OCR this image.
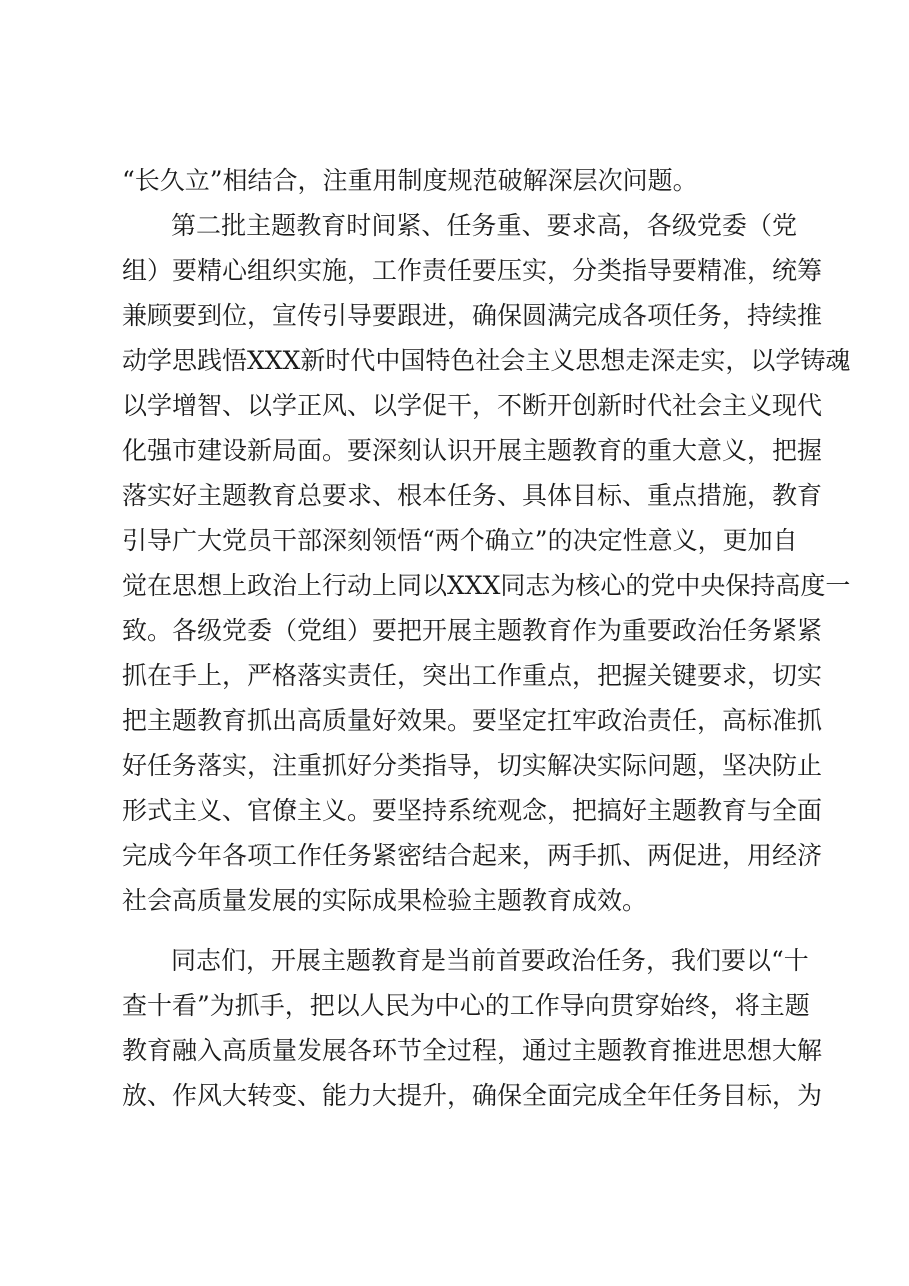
“长久立”相结合，注重用制度规范破解深层次问题。
第二批主题教育时间紧、任务重、要求高，各级党委（党
组）要精心组织实施，工作责任要压实，分类指导要精准，统筹
兼顾要到位，宣传引导要跟进，确保圆满完成各项任务，持续推
动学思践悟XXX新时代中国特色社会主义思想走深走实，以学铸魂
以学增智、以学正风、以学促干，不断开创新时代社会主义现代
化强市建设新局面。要深刻认识开展主题教育的重大意义，把握
落实好主题教育总要求、根本任务、具体目标、重点措施，教育
引导广大党员干部深刻领悟“两个确立”的决定性意义，更加自
觉在思想上政治上行动上同以XXX同志为核心的党中央保持高度一
致。各级党委（党组）要把开展主题教育作为重要政治任务紧紧
抓在手上，严格落实责任，突出工作重点，把握关键要求，切实
把主题教育抓出高质量好效果。要坚定扛牢政治责任，高标准抓
好任务落实，注重抓好分类指导，切实解决实际问题，坚决防止
形式主义、官僚主义。要坚持系统观念，把搞好主题教育与全面
完成今年各项工作任务紧密结合起来，两手抓、两促进，用经济
社会高质量发展的实际成果检验主题教育成效。
同志们，开展主题教育是当前首要政治任务，我们要以“十
查十看”为抓手，把以人民为中心的工作导向贯穿始终，将主题
教育融入高质量发展各环节全过程，通过主题教育推进思想大解
放、作风大转变、能力大提升，确保全面完成全年任务目标，为
